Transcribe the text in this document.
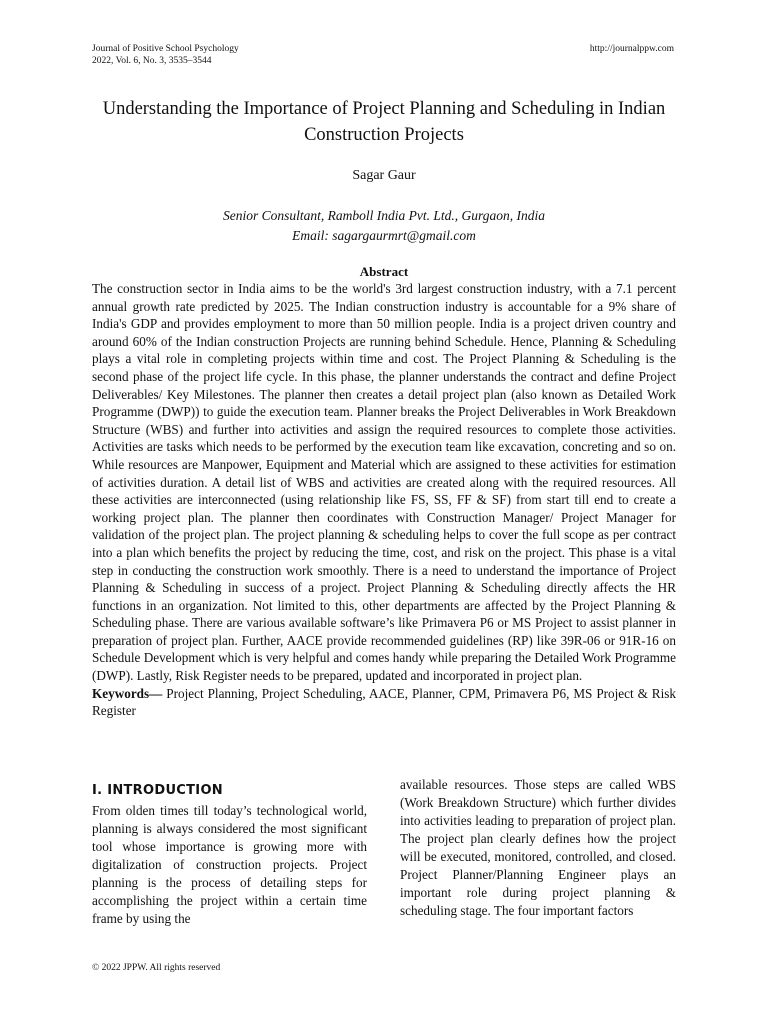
Journal of Positive School Psychology
2022, Vol. 6, No. 3, 3535–3544
http://journalppw.com
Understanding the Importance of Project Planning and Scheduling in Indian Construction Projects
Sagar Gaur
Senior Consultant, Ramboll India Pvt. Ltd., Gurgaon, India
Email: sagargaurmrt@gmail.com
Abstract

The construction sector in India aims to be the world's 3rd largest construction industry, with a 7.1 percent annual growth rate predicted by 2025. The Indian construction industry is accountable for a 9% share of India's GDP and provides employment to more than 50 million people. India is a project driven country and around 60% of the Indian construction Projects are running behind Schedule. Hence, Planning & Scheduling plays a vital role in completing projects within time and cost. The Project Planning & Scheduling is the second phase of the project life cycle. In this phase, the planner understands the contract and define Project Deliverables/ Key Milestones. The planner then creates a detail project plan (also known as Detailed Work Programme (DWP)) to guide the execution team. Planner breaks the Project Deliverables in Work Breakdown Structure (WBS) and further into activities and assign the required resources to complete those activities. Activities are tasks which needs to be performed by the execution team like excavation, concreting and so on. While resources are Manpower, Equipment and Material which are assigned to these activities for estimation of activities duration. A detail list of WBS and activities are created along with the required resources. All these activities are interconnected (using relationship like FS, SS, FF & SF) from start till end to create a working project plan. The planner then coordinates with Construction Manager/ Project Manager for validation of the project plan. The project planning & scheduling helps to cover the full scope as per contract into a plan which benefits the project by reducing the time, cost, and risk on the project. This phase is a vital step in conducting the construction work smoothly. There is a need to understand the importance of Project Planning & Scheduling in success of a project. Project Planning & Scheduling directly affects the HR functions in an organization. Not limited to this, other departments are affected by the Project Planning & Scheduling phase. There are various available software’s like Primavera P6 or MS Project to assist planner in preparation of project plan. Further, AACE provide recommended guidelines (RP) like 39R-06 or 91R-16 on Schedule Development which is very helpful and comes handy while preparing the Detailed Work Programme (DWP). Lastly, Risk Register needs to be prepared, updated and incorporated in project plan.

Keywords— Project Planning, Project Scheduling, AACE, Planner, CPM, Primavera P6, MS Project & Risk Register

I. INTRODUCTION

From olden times till today’s technological world, planning is always considered the most significant tool whose importance is growing more with digitalization of construction projects. Project planning is the process of detailing steps for accomplishing the project within a certain time frame by using the

available resources. Those steps are called WBS (Work Breakdown Structure) which further divides into activities leading to preparation of project plan. The project plan clearly defines how the project will be executed, monitored, controlled, and closed. Project Planner/Planning Engineer plays an important role during project planning & scheduling stage. The four important factors

© 2022 JPPW. All rights reserved
